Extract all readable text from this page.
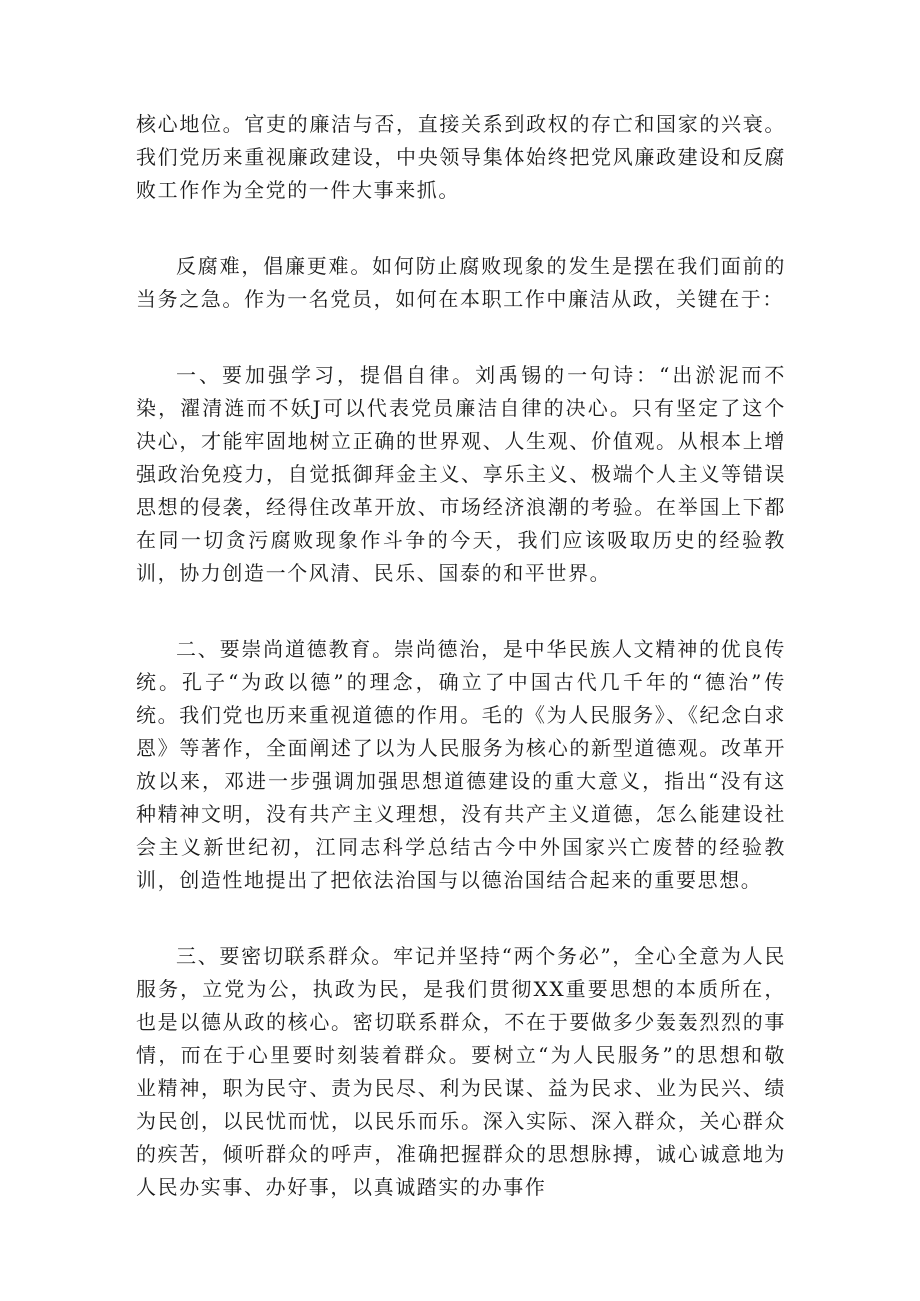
核心地位。官吏的廉洁与否，直接关系到政权的存亡和国家的兴衰。我们党历来重视廉政建设，中央领导集体始终把党风廉政建设和反腐败工作作为全党的一件大事来抓。

反腐难，倡廉更难。如何防止腐败现象的发生是摆在我们面前的当务之急。作为一名党员，如何在本职工作中廉洁从政，关键在于：

一、要加强学习，提倡自律。刘禹锡的一句诗：“出淤泥而不染，濯清涟而不妖J可以代表党员廉洁自律的决心。只有坚定了这个决心，才能牢固地树立正确的世界观、人生观、价值观。从根本上增强政治免疫力，自觉抵御拜金主义、享乐主义、极端个人主义等错误思想的侵袭，经得住改革开放、市场经济浪潮的考验。在举国上下都在同一切贪污腐败现象作斗争的今天，我们应该吸取历史的经验教训，协力创造一个风清、民乐、国泰的和平世界。

二、要崇尚道德教育。崇尚德治，是中华民族人文精神的优良传统。孔子“为政以德”的理念，确立了中国古代几千年的“德治”传统。我们党也历来重视道德的作用。毛的《为人民服务》、《纪念白求恩》等著作，全面阐述了以为人民服务为核心的新型道德观。改革开放以来，邓进一步强调加强思想道德建设的重大意义，指出“没有这种精神文明，没有共产主义理想，没有共产主义道德，怎么能建设社会主义新世纪初，江同志科学总结古今中外国家兴亡废替的经验教训，创造性地提出了把依法治国与以德治国结合起来的重要思想。

三、要密切联系群众。牢记并坚持“两个务必”，全心全意为人民服务，立党为公，执政为民，是我们贯彻XX重要思想的本质所在，也是以德从政的核心。密切联系群众，不在于要做多少轰轰烈烈的事情，而在于心里要时刻装着群众。要树立“为人民服务”的思想和敬业精神，职为民守、责为民尽、利为民谋、益为民求、业为民兴、绩为民创，以民忧而忧，以民乐而乐。深入实际、深入群众，关心群众的疾苦，倾听群众的呼声，准确把握群众的思想脉搏，诚心诚意地为人民办实事、办好事，以真诚踏实的办事作
